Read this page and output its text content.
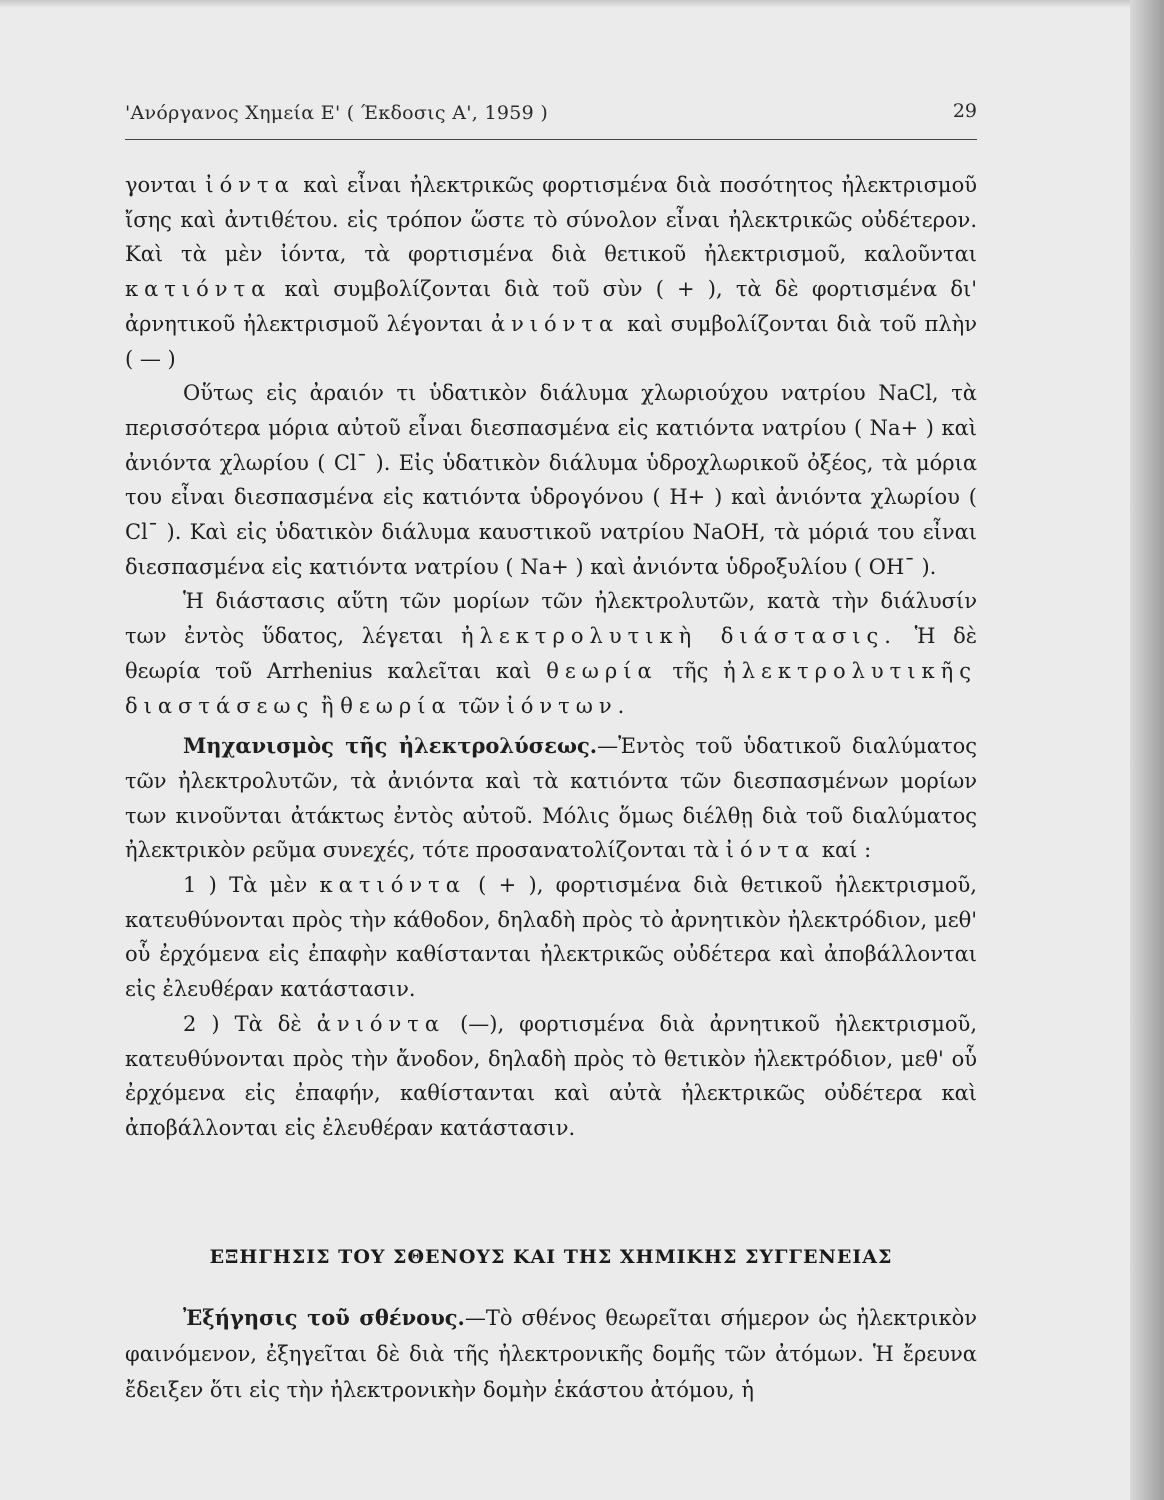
'Ανόργανος Χημεία Ε' ( Έκδοσις Α', 1959 )	29

γονται ἰόντα καὶ εἶναι ἠλεκτρικῶς φορτισμένα διὰ ποσότητος ἠλεκτρισμοῦ ἴσης καὶ ἀντιθέτου. εἰς τρόπον ὥστε τὸ σύνολον εἶναι ἠλεκτρικῶς οὐδέτερον. Καὶ τὰ μὲν ἰόντα, τὰ φορτισμένα διὰ θετικοῦ ἠλεκτρισμοῦ, καλοῦνται κατιόντα καὶ συμβολίζονται διὰ τοῦ σὺν ( + ), τὰ δὲ φορτισμένα δι' ἀρνητικοῦ ἠλεκτρισμοῦ λέγονται ἀνιόντα καὶ συμβολίζονται διὰ τοῦ πλὴν ( — )

Οὕτως εἰς ἀραιόν τι ὑδατικὸν διάλυμα χλωριούχου νατρίου NaCl, τὰ περισσότερα μόρια αὐτοῦ εἶναι διεσπασμένα εἰς κατιόντα νατρίου ( Na+ ) καὶ ἀνιόντα χλωρίου ( Cl¯ ). Εἰς ὑδατικὸν διάλυμα ὑδροχλωρικοῦ ὀξέος, τὰ μόρια του εἶναι διεσπασμένα εἰς κατιόντα ὑδρογόνου ( H+ ) καὶ ἀνιόντα χλωρίου ( Cl¯ ). Καὶ εἰς ὑδατικὸν διάλυμα καυστικοῦ νατρίου NaOH, τὰ μόριά του εἶναι διεσπασμένα εἰς κατιόντα νατρίου ( Na+ ) καὶ ἀνιόντα ὑδροξυλίου ( OH¯ ).

Ἡ διάστασις αὕτη τῶν μορίων τῶν ἠλεκτρολυτῶν, κατὰ τὴν διάλυσίν των ἐντὸς ὕδατος, λέγεται ἠλεκτρολυτικὴ διάστασις. Ἡ δὲ θεωρία τοῦ Arrhenius καλεῖται καὶ θεωρία τῆς ἠλεκτρολυτικῆς διαστάσεως ἢ θεωρία τῶν ἰόντων.

Μηχανισμὸς τῆς ἠλεκτρολύσεως.—Ἐντὸς τοῦ ὑδατικοῦ διαλύματος τῶν ἠλεκτρολυτῶν, τὰ ἀνιόντα καὶ τὰ κατιόντα τῶν διεσπασμένων μορίων των κινοῦνται ἀτάκτως ἐντὸς αὐτοῦ. Μόλις ὅμως διέλθῃ διὰ τοῦ διαλύματος ἠλεκτρικὸν ρεῦμα συνεχές, τότε προσανατολίζονται τὰ ἰόντα καί :

1 ) Τὰ μὲν κατιόντα ( + ), φορτισμένα διὰ θετικοῦ ἠλεκτρισμοῦ, κατευθύνονται πρὸς τὴν κάθοδον, δηλαδὴ πρὸς τὸ ἀρνητικὸν ἠλεκτρόδιον, μεθ' οὗ ἐρχόμενα εἰς ἐπαφὴν καθίστανται ἠλεκτρικῶς οὐδέτερα καὶ ἀποβάλλονται εἰς ἐλευθέραν κατάστασιν.

2 ) Τὰ δὲ ἀνιόντα (—), φορτισμένα διὰ ἀρνητικοῦ ἠλεκτρισμοῦ, κατευθύνονται πρὸς τὴν ἄνοδον, δηλαδὴ πρὸς τὸ θετικὸν ἠλεκτρόδιον, μεθ' οὗ ἐρχόμενα εἰς ἐπαφήν, καθίστανται καὶ αὐτὰ ἠλεκτρικῶς οὐδέτερα καὶ ἀποβάλλονται εἰς ἐλευθέραν κατάστασιν.

ΕΞΗΓΗΣΙΣ ΤΟΥ ΣΘΕΝΟΥΣ ΚΑΙ ΤΗΣ ΧΗΜΙΚΗΣ ΣΥΓΓΕΝΕΙΑΣ

Ἐξήγησις τοῦ σθένους.—Τὸ σθένος θεωρεῖται σήμερον ὡς ἠλεκτρικὸν φαινόμενον, ἐξηγεῖται δὲ διὰ τῆς ἠλεκτρονικῆς δομῆς τῶν ἀτόμων. Ἡ ἔρευνα ἔδειξεν ὅτι εἰς τὴν ἠλεκτρονικὴν δομὴν ἑκάστου ἀτόμου, ἡ
